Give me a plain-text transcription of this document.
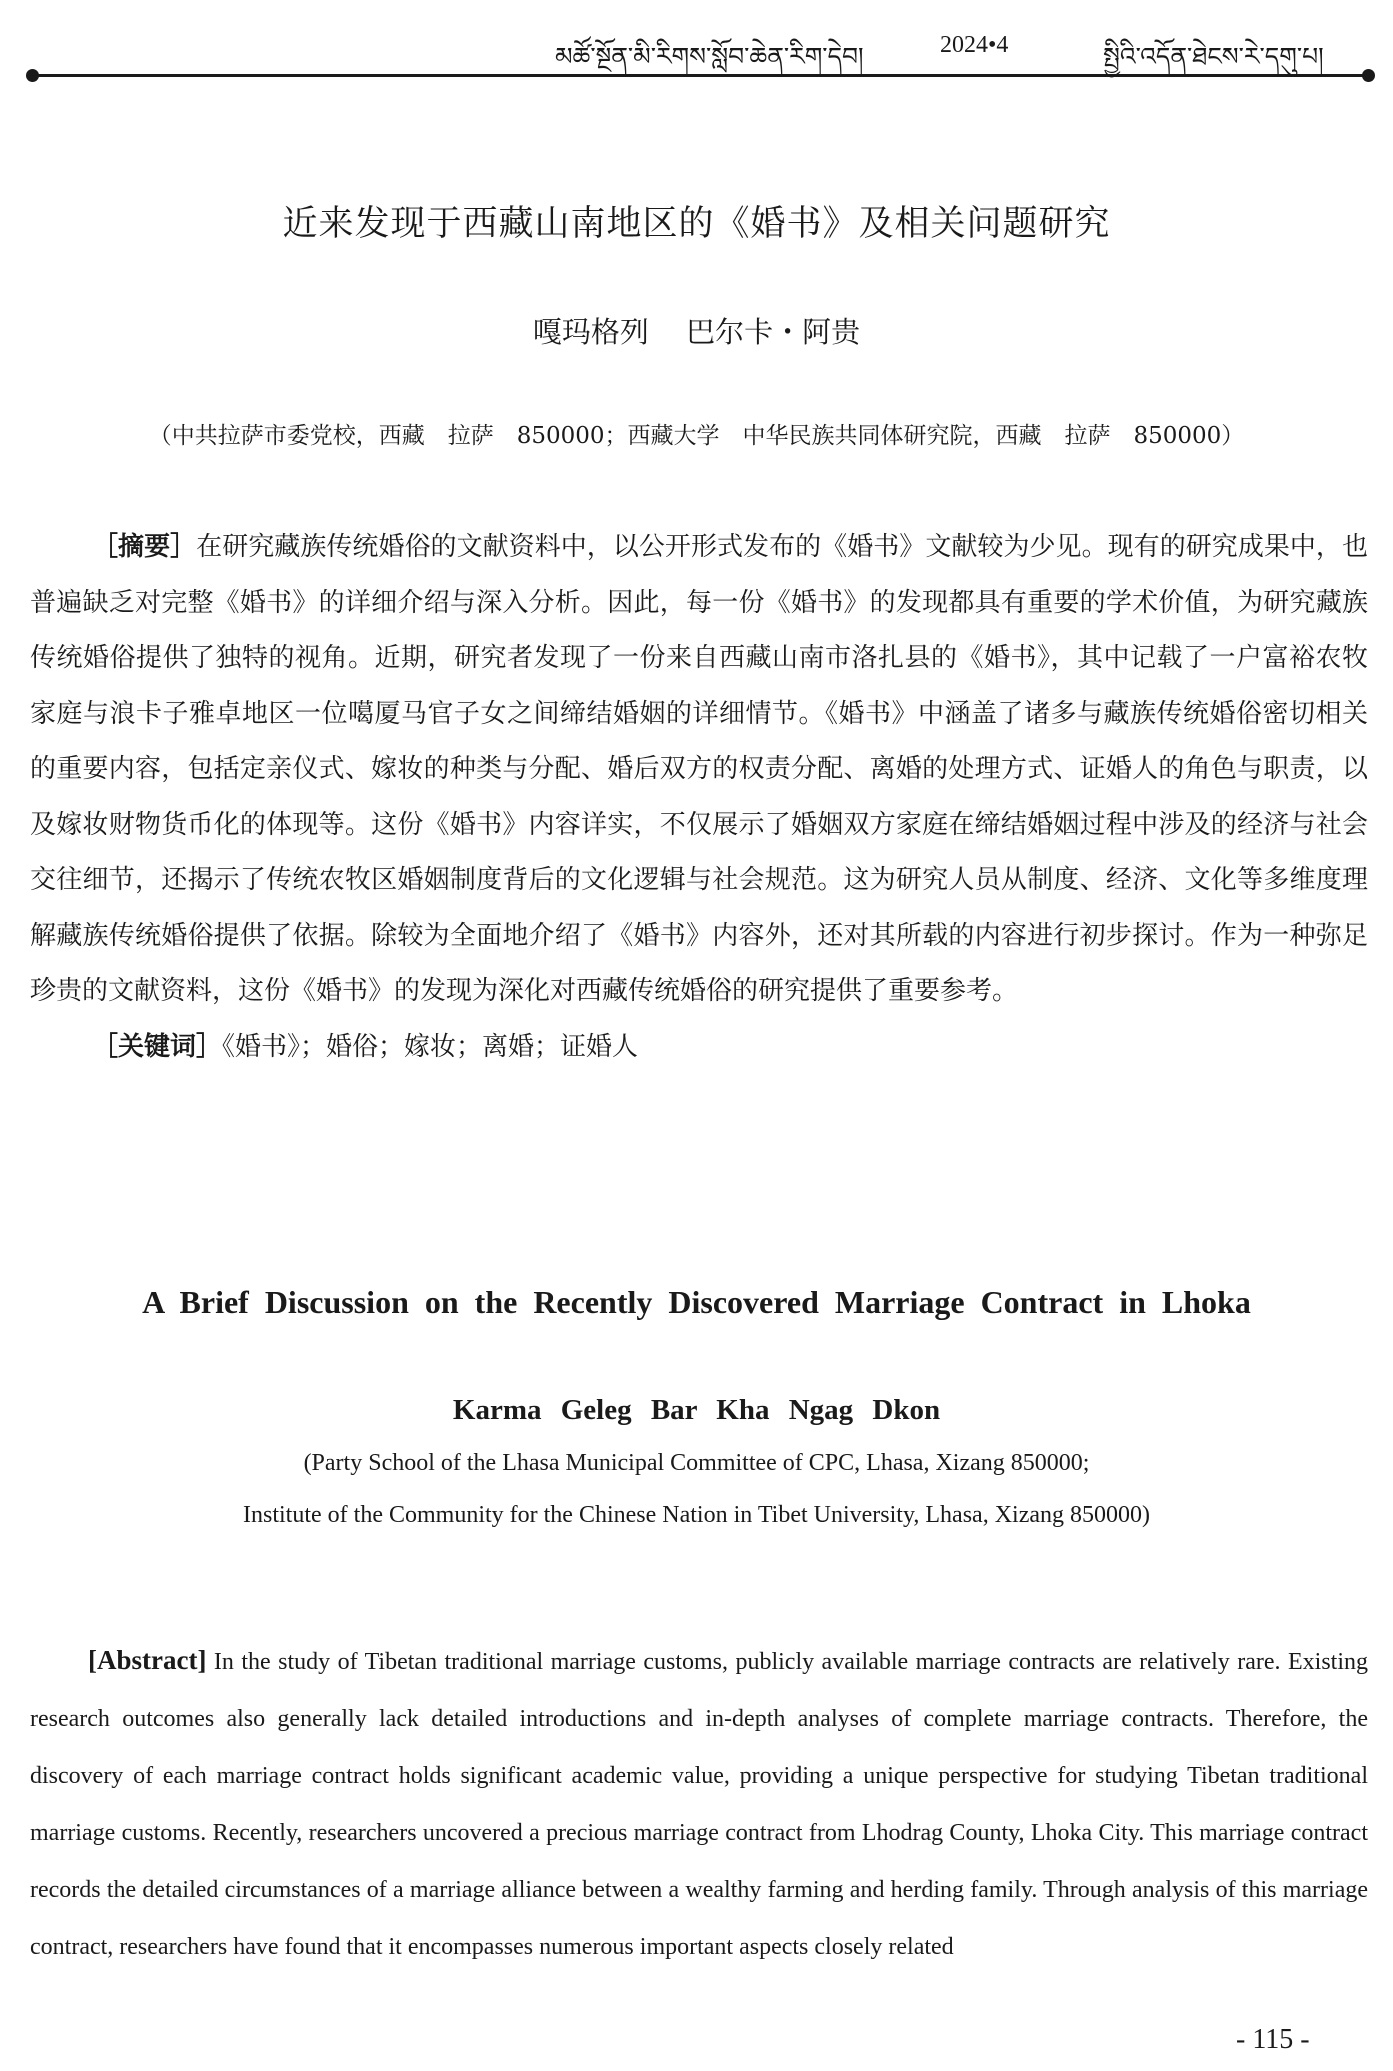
མཚོ་སྔོན་མི་རིགས་སློབ་ཆེན་རིག་དེབ།	2024•4	སྤྱིའི་འདོན་ཐེངས་རེ་དགུ་པ།
近来发现于西藏山南地区的《婚书》及相关问题研究
嘎玛格列 巴尔卡・阿贵
（中共拉萨市委党校，西藏　拉萨　850000；西藏大学　中华民族共同体研究院，西藏　拉萨　850000）

［摘要］在研究藏族传统婚俗的文献资料中，以公开形式发布的《婚书》文献较为少见。现有的研究成果中，也普遍缺乏对完整《婚书》的详细介绍与深入分析。因此，每一份《婚书》的发现都具有重要的学术价值，为研究藏族传统婚俗提供了独特的视角。近期，研究者发现了一份来自西藏山南市洛扎县的《婚书》，其中记载了一户富裕农牧家庭与浪卡子雅卓地区一位噶厦马官子女之间缔结婚姻的详细情节。《婚书》中涵盖了诸多与藏族传统婚俗密切相关的重要内容，包括定亲仪式、嫁妆的种类与分配、婚后双方的权责分配、离婚的处理方式、证婚人的角色与职责，以及嫁妆财物货币化的体现等。这份《婚书》内容详实，不仅展示了婚姻双方家庭在缔结婚姻过程中涉及的经济与社会交往细节，还揭示了传统农牧区婚姻制度背后的文化逻辑与社会规范。这为研究人员从制度、经济、文化等多维度理解藏族传统婚俗提供了依据。除较为全面地介绍了《婚书》内容外，还对其所载的内容进行初步探讨。作为一种弥足珍贵的文献资料，这份《婚书》的发现为深化对西藏传统婚俗的研究提供了重要参考。

［关键词］《婚书》；婚俗；嫁妆；离婚；证婚人
A Brief Discussion on the Recently Discovered Marriage Contract in Lhoka
Karma Geleg Bar Kha Ngag Dkon
(Party School of the Lhasa Municipal Committee of CPC, Lhasa, Xizang 850000;
Institute of the Community for the Chinese Nation in Tibet University, Lhasa, Xizang 850000)

[Abstract] In the study of Tibetan traditional marriage customs, publicly available marriage contracts are relatively rare. Existing research outcomes also generally lack detailed introductions and in-depth analyses of complete marriage contracts. Therefore, the discovery of each marriage contract holds significant academic value, providing a unique perspective for studying Tibetan traditional marriage customs. Recently, researchers uncovered a precious marriage contract from Lhodrag County, Lhoka City. This marriage contract records the detailed circumstances of a marriage alliance between a wealthy farming and herding family. Through analysis of this marriage contract, researchers have found that it encompasses numerous important aspects closely related

- 115 -
